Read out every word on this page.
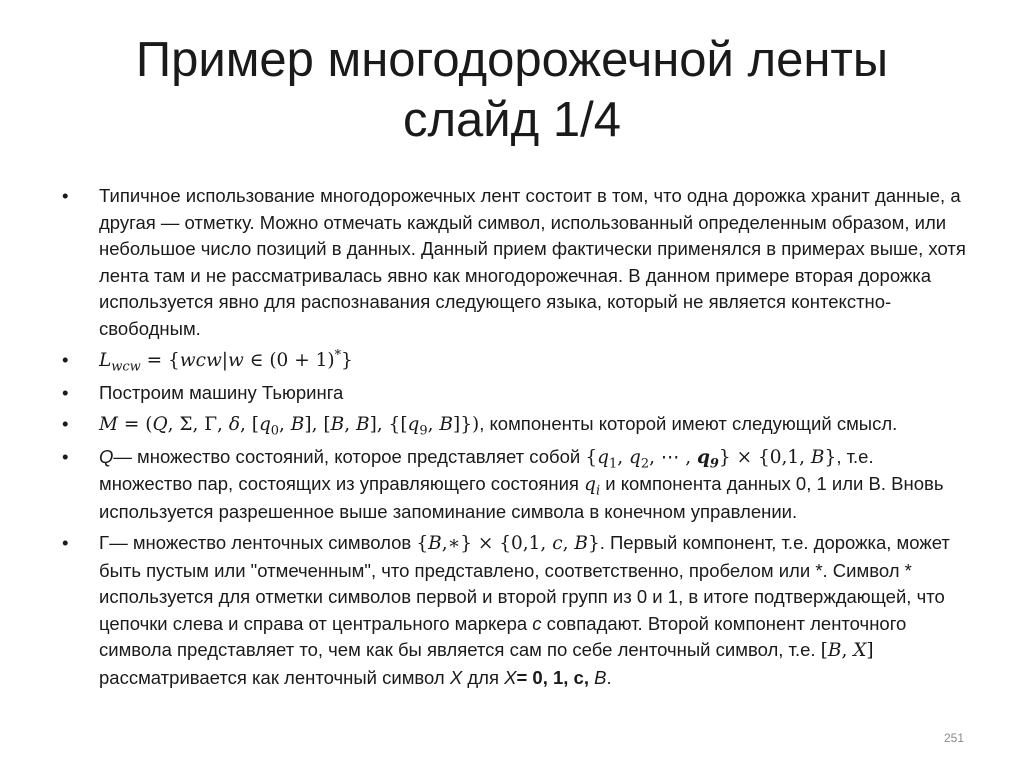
Пример многодорожечной ленты
слайд 1/4
•	Типичное использование многодорожечных лент состоит в том, что одна дорожка хранит данные, а другая — отметку. Можно отмечать каждый символ, использованный определенным образом, или небольшое число позиций в данных. Данный прием фактически применялся в примерах выше, хотя лента там и не рассматривалась явно как многодорожечная. В данном примере вторая дорожка используется явно для распознавания следующего языка, который не является контекстно-свободным.
•	$L_{wcw} = \{wcw|w$ ∈ (0 + 1)*}
•	Построим машину Тьюринга
•	M = (Q, Σ, Γ, δ, [$q_0$, B], [B, B], {[$q_9$, B]}), компоненты которой имеют следующий смысл.
•	Q— множество состояний, которое представляет собой {$q_1$, $q_2$, ⋯ , $q_9\} \times \{0,1$, B}, т.е. множество пар, состоящих из управляющего состояния $q_i$ и компонента данных 0, 1 или B. Вновь используется разрешенное выше запоминание символа в конечном управлении.
•	Γ— множество ленточных символов {B,∗} × {0,1, c, B}. Первый компонент, т.е. дорожка, может быть пустым или "отмеченным", что представлено, соответственно, пробелом или *. Символ * используется для отметки символов первой и второй групп из 0 и 1, в итоге подтверждающей, что цепочки слева и справа от центрального маркера c совпадают. Второй компонент ленточного символа представляет то, чем как бы является сам по себе ленточный символ, т.е. [B, X] рассматривается как ленточный символ X для X= 0, 1, с, B.
251
